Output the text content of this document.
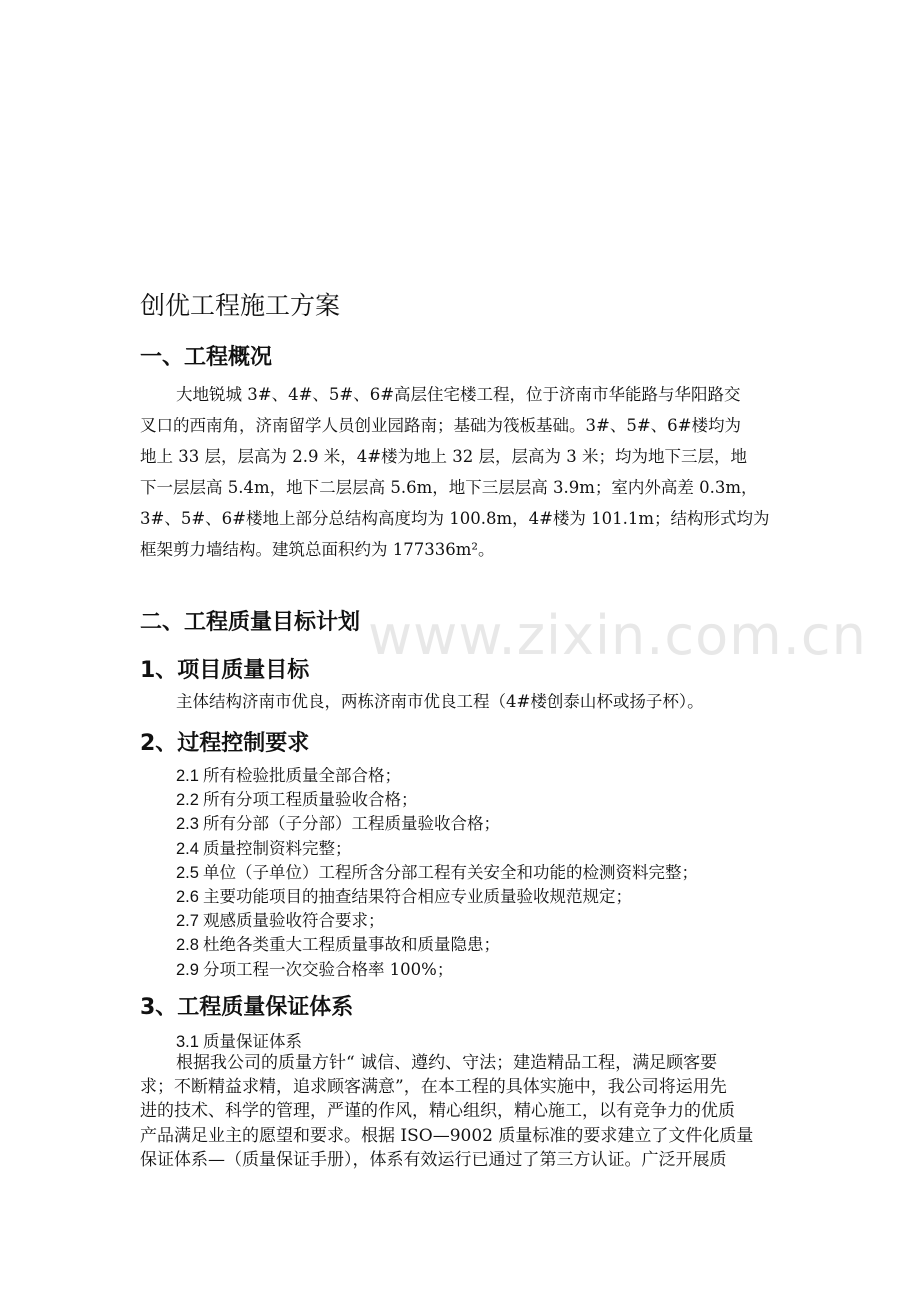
www.zixin.com.cn
创优工程施工方案
一、工程概况
大地锐城 3#、4#、5#、6#高层住宅楼工程，位于济南市华能路与华阳路交
叉口的西南角，济南留学人员创业园路南；基础为筏板基础。3#、5#、6#楼均为
地上 33 层，层高为 2.9 米，4#楼为地上 32 层，层高为 3 米；均为地下三层，地
下一层层高 5.4m，地下二层层高 5.6m，地下三层层高 3.9m；室内外高差 0.3m，
3#、5#、6#楼地上部分总结构高度均为 100.8m，4#楼为 101.1m；结构形式均为
框架剪力墙结构。建筑总面积约为 177336m²。
二、工程质量目标计划
1、项目质量目标

主体结构济南市优良，两栋济南市优良工程（4#楼创泰山杯或扬子杯）。

2、过程控制要求
2.1 所有检验批质量全部合格；
2.2 所有分项工程质量验收合格；
2.3 所有分部（子分部）工程质量验收合格；
2.4 质量控制资料完整；
2.5 单位（子单位）工程所含分部工程有关安全和功能的检测资料完整；
2.6 主要功能项目的抽查结果符合相应专业质量验收规范规定；
2.7 观感质量验收符合要求；
2.8 杜绝各类重大工程质量事故和质量隐患；
2.9 分项工程一次交验合格率 100%；
3、工程质量保证体系

3.1 质量保证体系

根据我公司的质量方针“ 诚信、遵约、守法；建造精品工程，满足顾客要
求；不断精益求精，追求顾客满意”，在本工程的具体实施中，我公司将运用先
进的技术、科学的管理，严谨的作风，精心组织，精心施工，以有竞争力的优质
产品满足业主的愿望和要求。根据 ISO—9002 质量标准的要求建立了文件化质量
保证体系—（质量保证手册），体系有效运行已通过了第三方认证。广泛开展质
